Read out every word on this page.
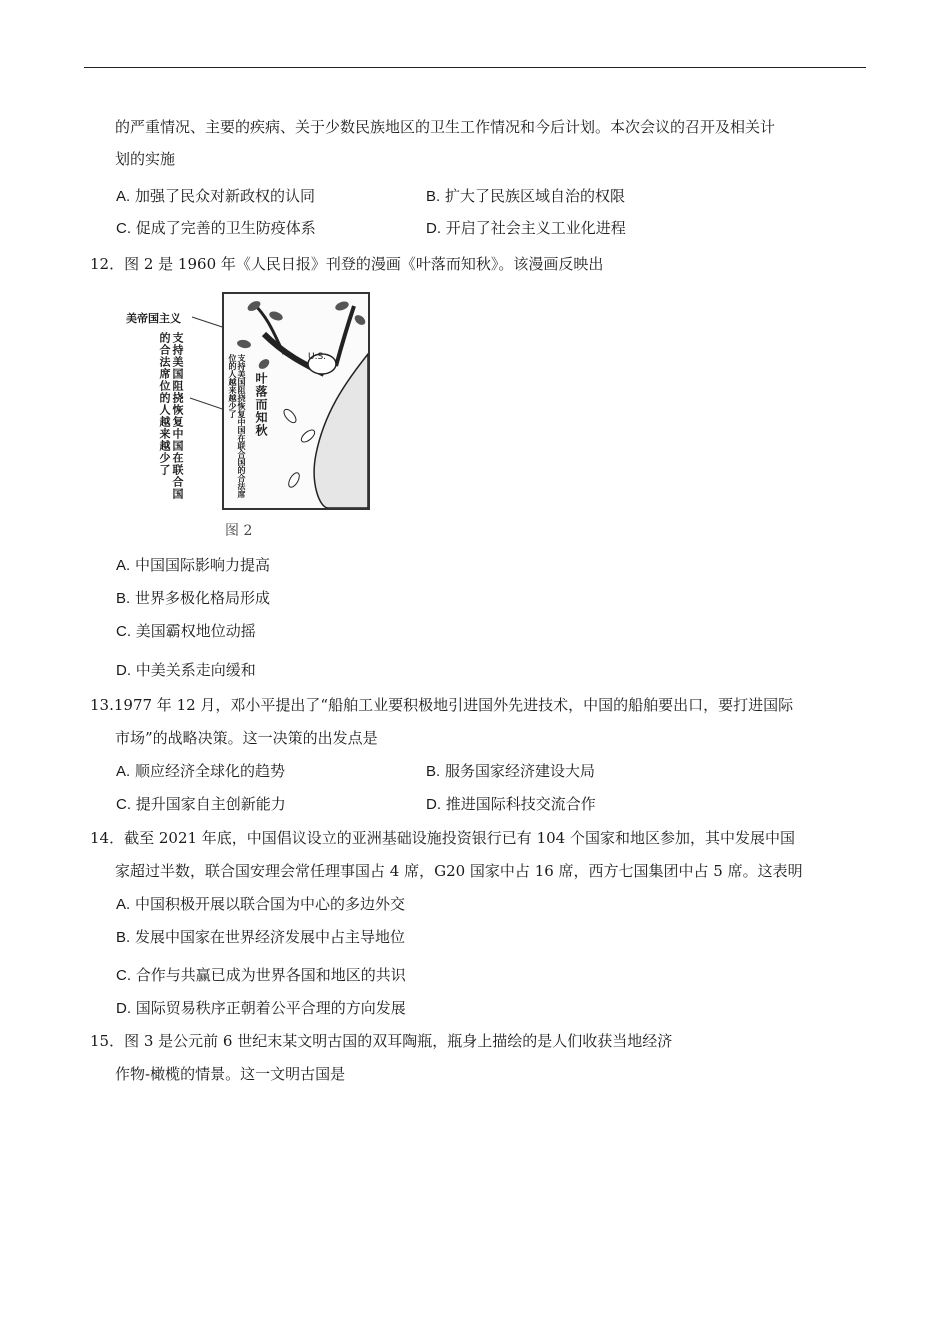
的严重情况、主要的疾病、关于少数民族地区的卫生工作情况和今后计划。本次会议的召开及相关计
划的实施
A. 加强了民众对新政权的认同	B. 扩大了民族区域自治的权限
C. 促成了完善的卫生防疫体系	D. 开启了社会主义工业化进程
12．图 2 是 1960 年《人民日报》刊登的漫画《叶落而知秋》。该漫画反映出
美帝国主义
支持美国阻挠恢复中国在联合国的合法席位的人越来越少了	U.S.
叶落而知秋
支持美国阻挠恢复中国在联合国的合法席位的人越来越少了
图 2
A. 中国国际影响力提高
B. 世界多极化格局形成
C. 美国霸权地位动摇
D. 中美关系走向缓和
13.1977 年 12 月，邓小平提出了“船舶工业要积极地引进国外先进技术，中国的船舶要出口，要打进国际
市场”的战略决策。这一决策的出发点是
A. 顺应经济全球化的趋势	B. 服务国家经济建设大局
C. 提升国家自主创新能力	D. 推进国际科技交流合作
14．截至 2021 年底，中国倡议设立的亚洲基础设施投资银行已有 104 个国家和地区参加，其中发展中国
家超过半数，联合国安理会常任理事国占 4 席，G20 国家中占 16 席，西方七国集团中占 5 席。这表明
A. 中国积极开展以联合国为中心的多边外交
B. 发展中国家在世界经济发展中占主导地位
C. 合作与共赢已成为世界各国和地区的共识
D. 国际贸易秩序正朝着公平合理的方向发展
15．图 3 是公元前 6 世纪末某文明古国的双耳陶瓶，瓶身上描绘的是人们收获当地经济
作物-橄榄的情景。这一文明古国是
